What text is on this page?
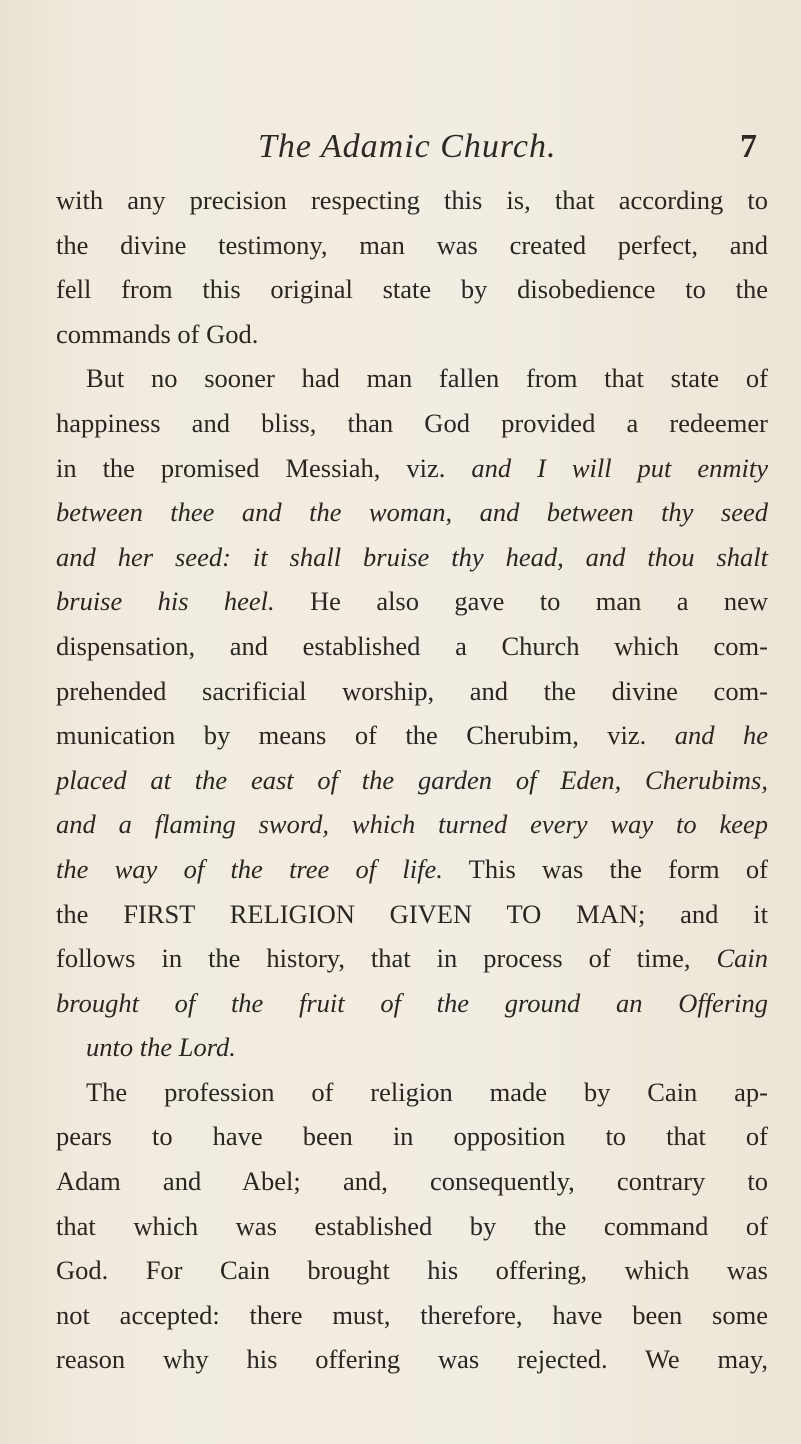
The Adamic Church.	7
with any precision respecting this is, that according to
the divine testimony, man was created perfect, and
fell from this original state by disobedience to the
commands of God.
But no sooner had man fallen from that state of
happiness and bliss, than God provided a redeemer
in the promised Messiah, viz. and I will put enmity
between thee and the woman, and between thy seed
and her seed: it shall bruise thy head, and thou shalt
bruise his heel. He also gave to man a new
dispensation, and established a Church which com-
prehended sacrificial worship, and the divine com-
munication by means of the Cherubim, viz. and he
placed at the east of the garden of Eden, Cherubims,
and a flaming sword, which turned every way to keep
the way of the tree of life. This was the form of
the FIRST RELIGION GIVEN TO MAN; and it
follows in the history, that in process of time, Cain
brought of the fruit of the ground an Offering
unto the Lord.
The profession of religion made by Cain ap-
pears to have been in opposition to that of
Adam and Abel; and, consequently, contrary to
that which was established by the command of
God. For Cain brought his offering, which was
not accepted: there must, therefore, have been some
reason why his offering was rejected. We may,
